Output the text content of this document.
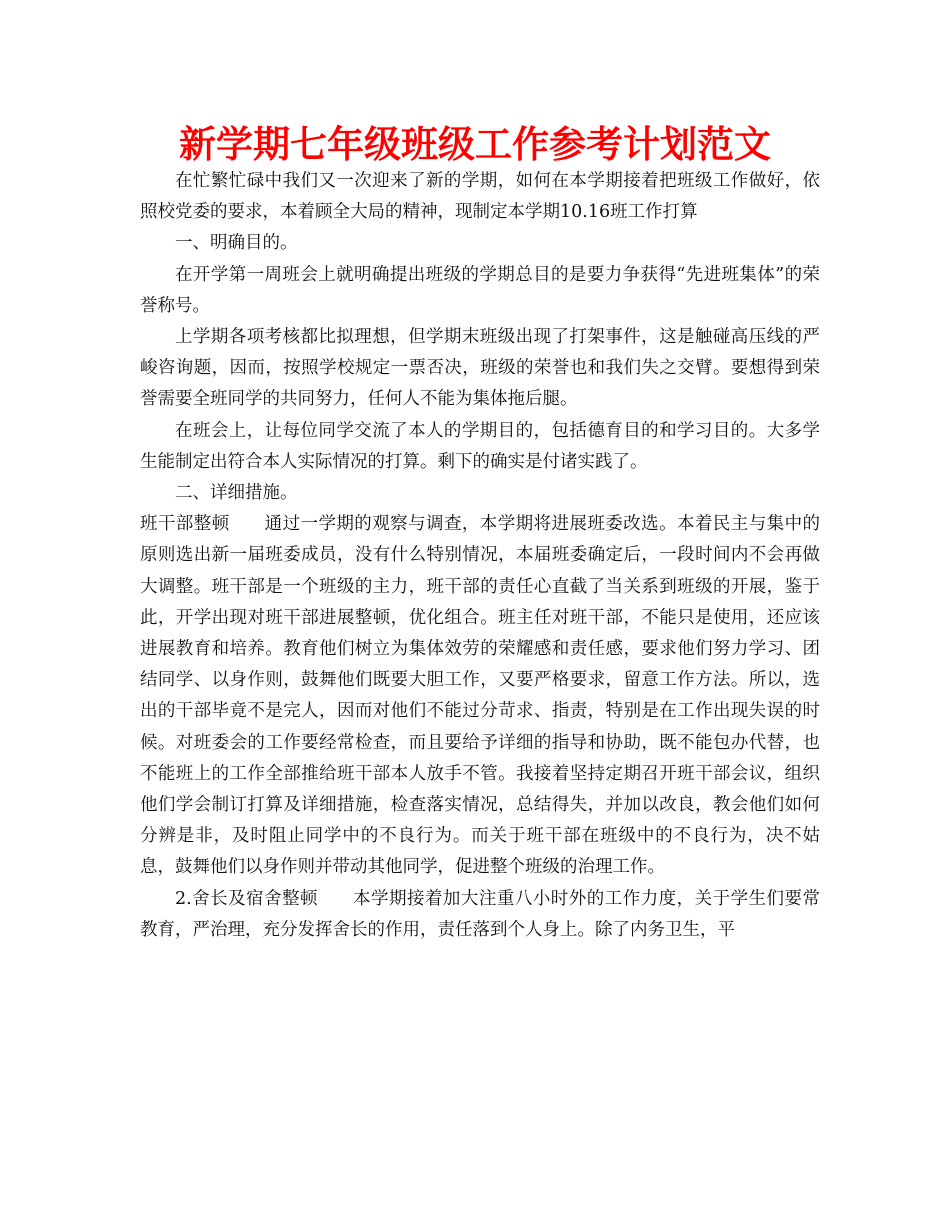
新学期七年级班级工作参考计划范文

在忙繁忙碌中我们又一次迎来了新的学期，如何在本学期接着把班级工作做好，依照校党委的要求，本着顾全大局的精神，现制定本学期10.16班工作打算

一、明确目的。

在开学第一周班会上就明确提出班级的学期总目的是要力争获得“先进班集体”的荣誉称号。

上学期各项考核都比拟理想，但学期末班级出现了打架事件，这是触碰高压线的严峻咨询题，因而，按照学校规定一票否决，班级的荣誉也和我们失之交臂。要想得到荣誉需要全班同学的共同努力，任何人不能为集体拖后腿。

在班会上，让每位同学交流了本人的学期目的，包括德育目的和学习目的。大多学生能制定出符合本人实际情况的打算。剩下的确实是付诸实践了。

二、详细措施。

班干部整顿 通过一学期的观察与调查，本学期将进展班委改选。本着民主与集中的原则选出新一届班委成员，没有什么特别情况，本届班委确定后，一段时间内不会再做大调整。班干部是一个班级的主力，班干部的责任心直截了当关系到班级的开展，鉴于此，开学出现对班干部进展整顿，优化组合。班主任对班干部，不能只是使用，还应该进展教育和培养。教育他们树立为集体效劳的荣耀感和责任感，要求他们努力学习、团结同学、以身作则，鼓舞他们既要大胆工作，又要严格要求，留意工作方法。所以，选出的干部毕竟不是完人，因而对他们不能过分苛求、指责，特别是在工作出现失误的时候。对班委会的工作要经常检查，而且要给予详细的指导和协助，既不能包办代替，也不能班上的工作全部推给班干部本人放手不管。我接着坚持定期召开班干部会议，组织他们学会制订打算及详细措施，检查落实情况，总结得失，并加以改良，教会他们如何分辨是非，及时阻止同学中的不良行为。而关于班干部在班级中的不良行为，决不姑息，鼓舞他们以身作则并带动其他同学，促进整个班级的治理工作。

2.舍长及宿舍整顿 本学期接着加大注重八小时外的工作力度，关于学生们要常教育，严治理，充分发挥舍长的作用，责任落到个人身上。除了内务卫生，平
